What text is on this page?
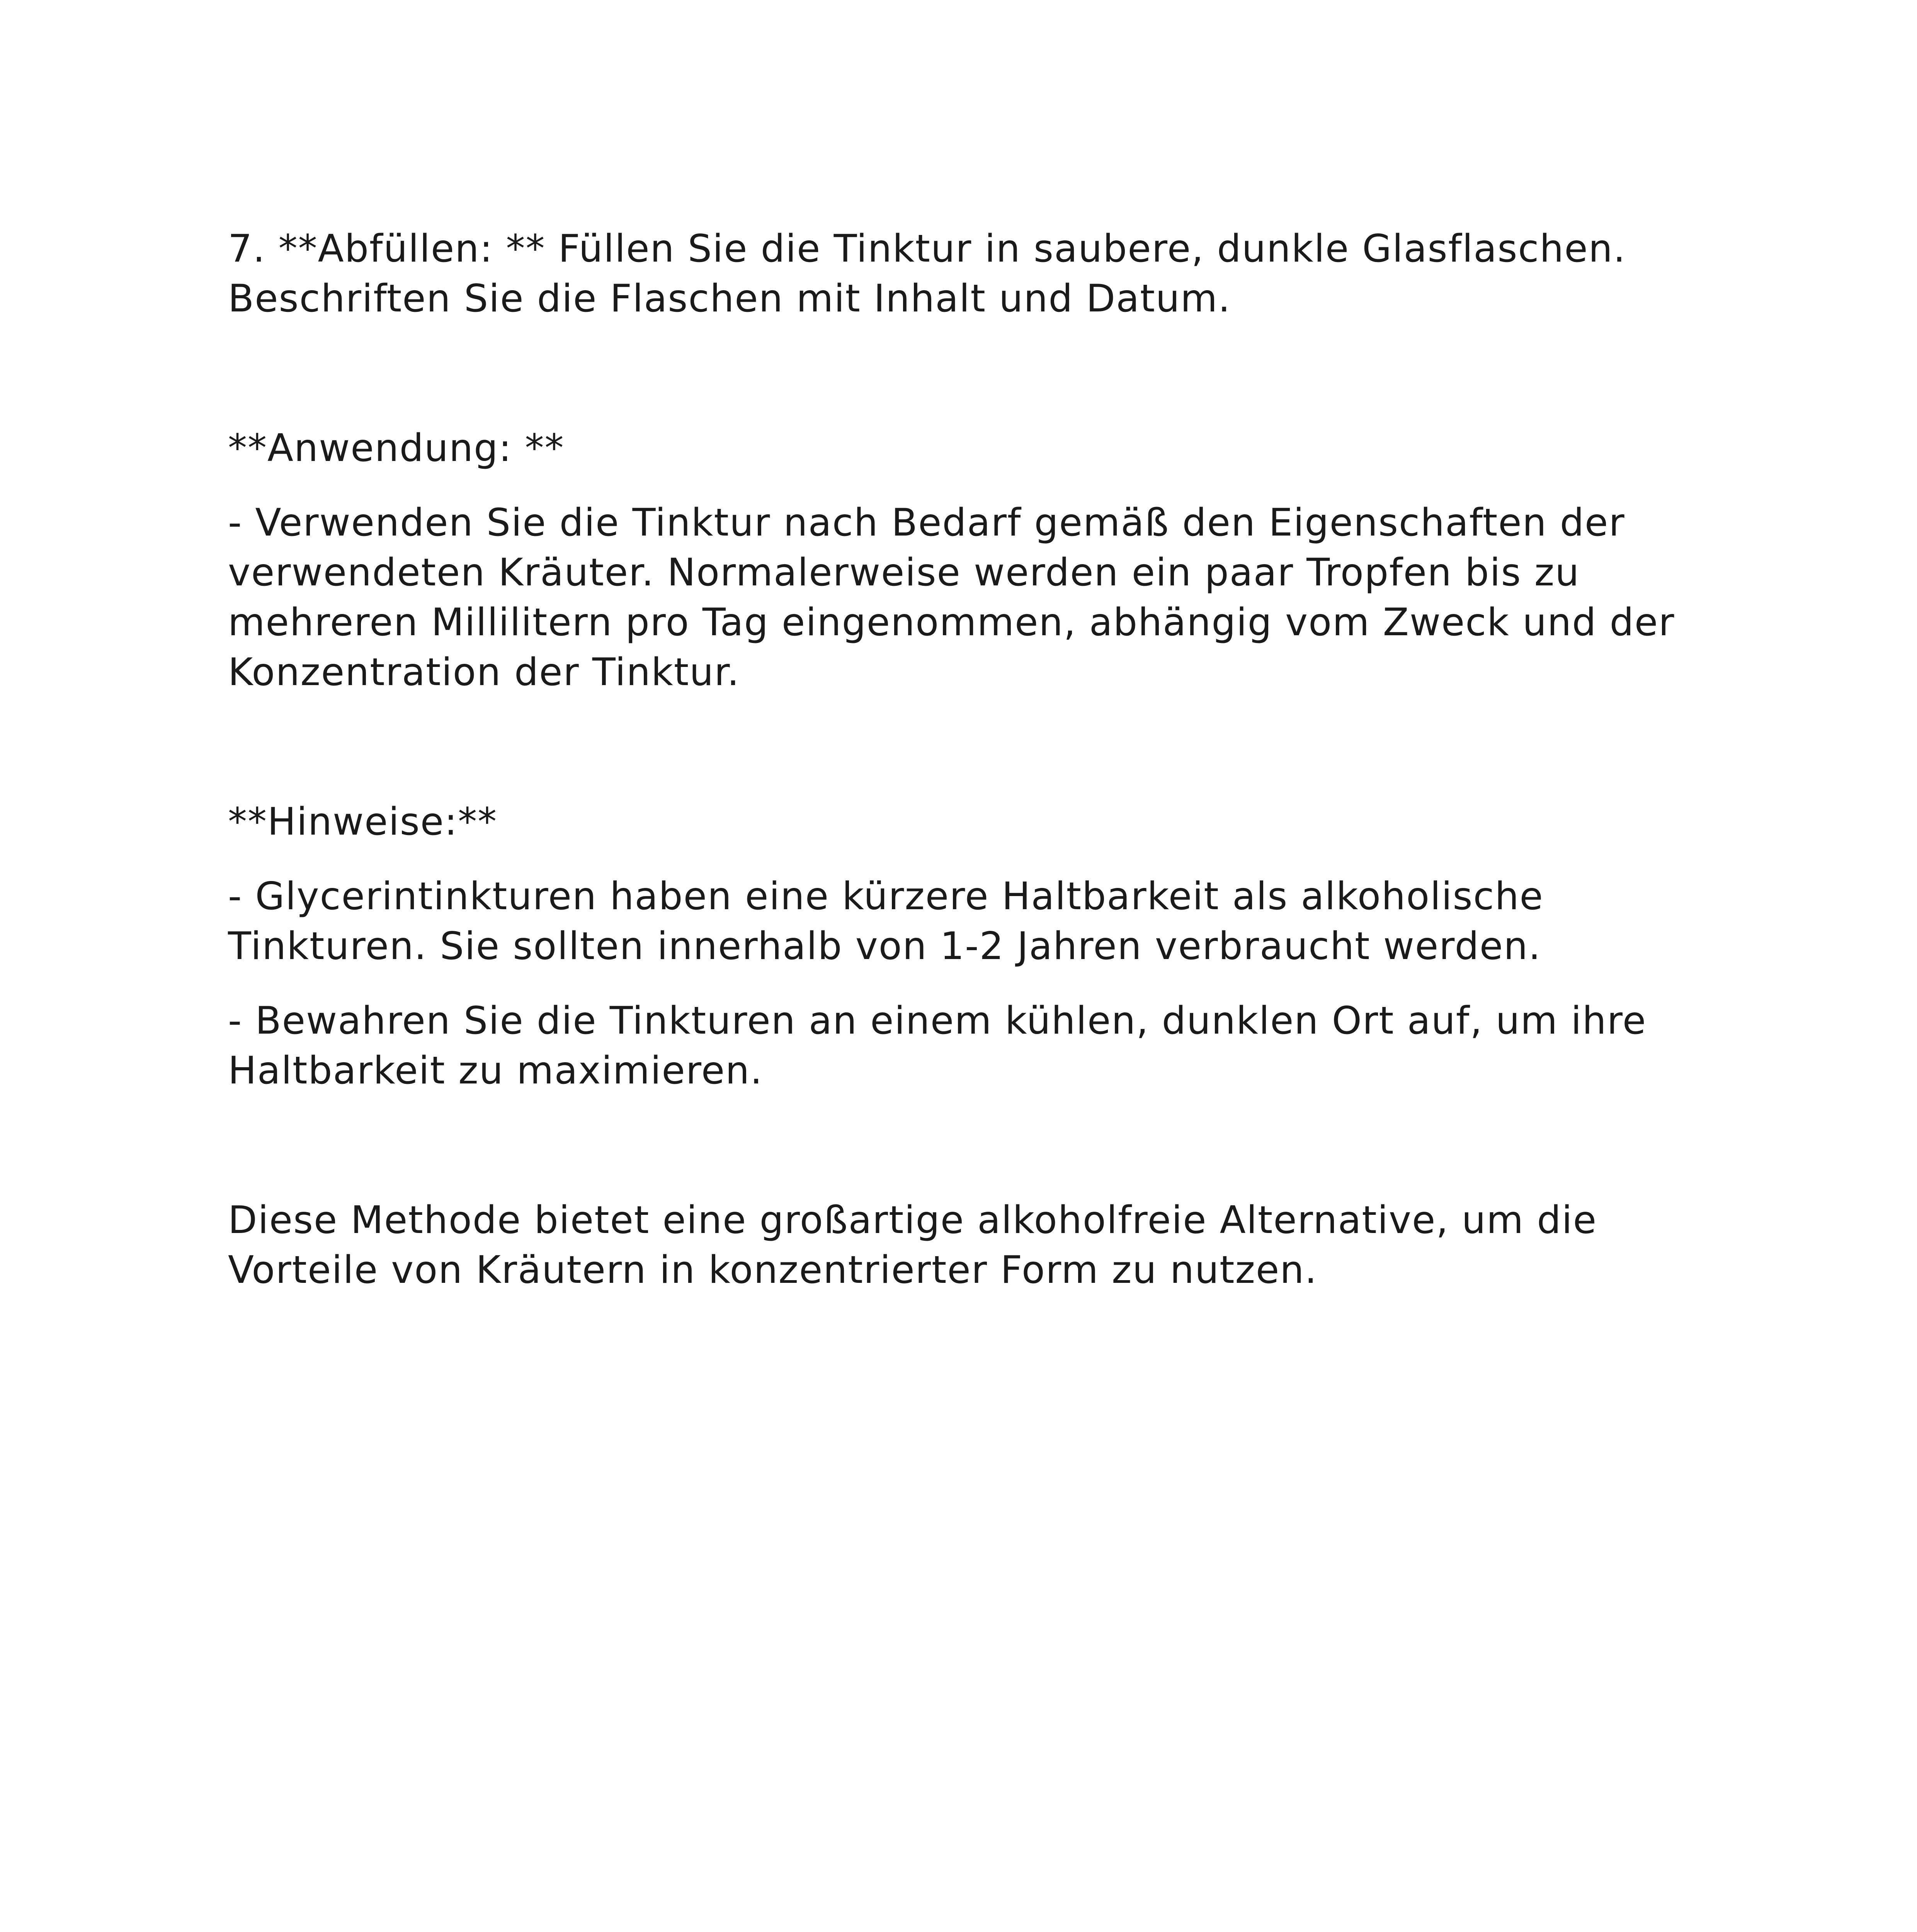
7. **Abfüllen: ** Füllen Sie die Tinktur in saubere, dunkle Glasflaschen.
Beschriften Sie die Flaschen mit Inhalt und Datum.
**Anwendung: **
- Verwenden Sie die Tinktur nach Bedarf gemäß den Eigenschaften der
verwendeten Kräuter. Normalerweise werden ein paar Tropfen bis zu
mehreren Millilitern pro Tag eingenommen, abhängig vom Zweck und der
Konzentration der Tinktur.
**Hinweise:**
- Glycerintinkturen haben eine kürzere Haltbarkeit als alkoholische
Tinkturen. Sie sollten innerhalb von 1-2 Jahren verbraucht werden.
- Bewahren Sie die Tinkturen an einem kühlen, dunklen Ort auf, um ihre
Haltbarkeit zu maximieren.
Diese Methode bietet eine großartige alkoholfreie Alternative, um die
Vorteile von Kräutern in konzentrierter Form zu nutzen.
